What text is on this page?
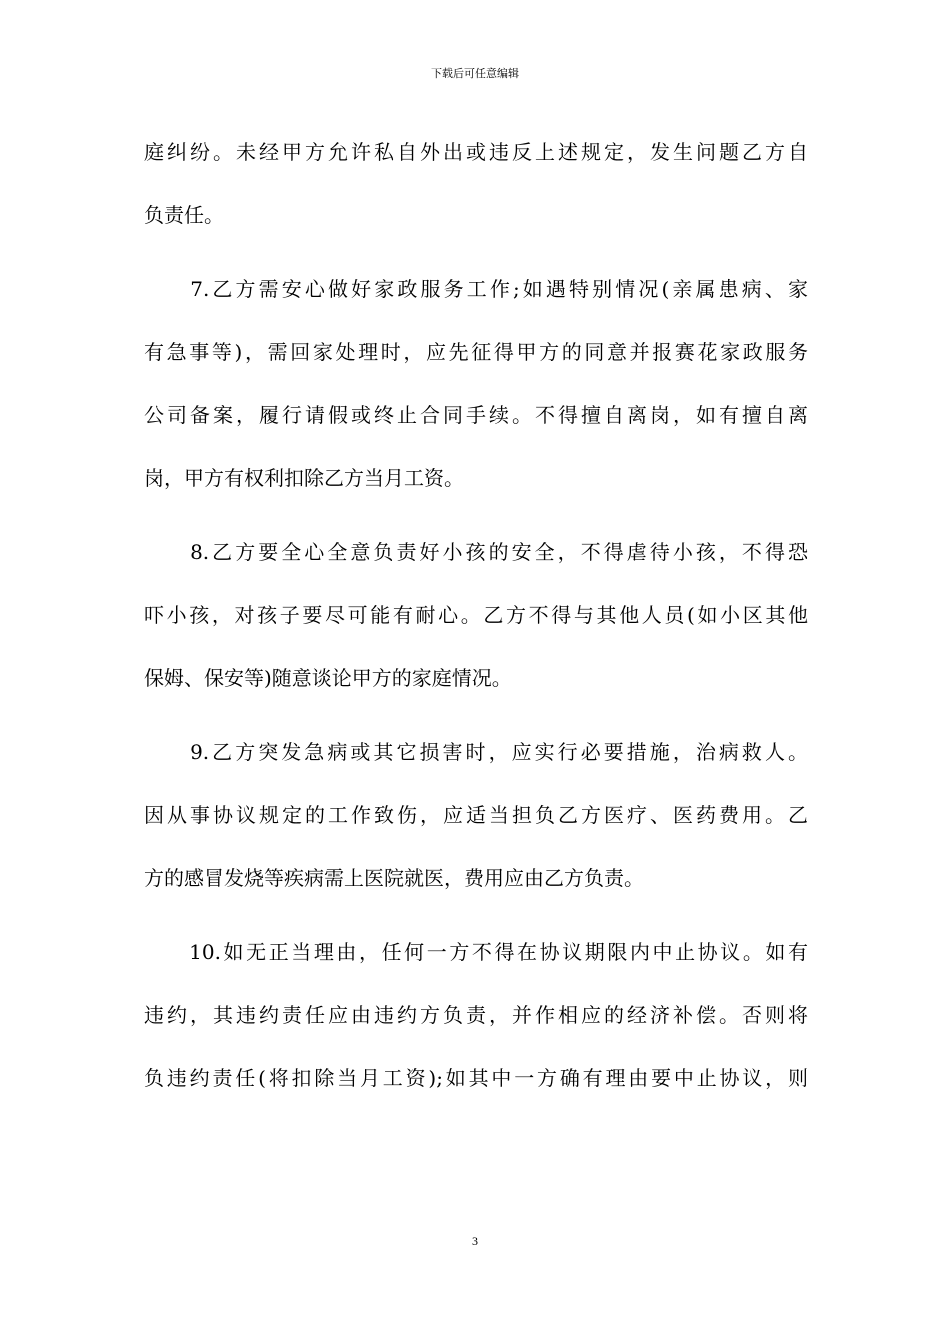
下载后可任意编辑
庭纠纷。未经甲方允许私自外出或违反上述规定，发生问题乙方自
负责任。
　　7.乙方需安心做好家政服务工作;如遇特别情况(亲属患病、家
有急事等)，需回家处理时，应先征得甲方的同意并报赛花家政服务
公司备案，履行请假或终止合同手续。不得擅自离岗，如有擅自离
岗，甲方有权利扣除乙方当月工资。
　　8.乙方要全心全意负责好小孩的安全，不得虐待小孩，不得恐
吓小孩，对孩子要尽可能有耐心。乙方不得与其他人员(如小区其他
保姆、保安等)随意谈论甲方的家庭情况。
　　9.乙方突发急病或其它损害时，应实行必要措施，治病救人。
因从事协议规定的工作致伤，应适当担负乙方医疗、医药费用。乙
方的感冒发烧等疾病需上医院就医，费用应由乙方负责。
　　10.如无正当理由，任何一方不得在协议期限内中止协议。如有
违约，其违约责任应由违约方负责，并作相应的经济补偿。否则将
负违约责任(将扣除当月工资);如其中一方确有理由要中止协议，则
3
